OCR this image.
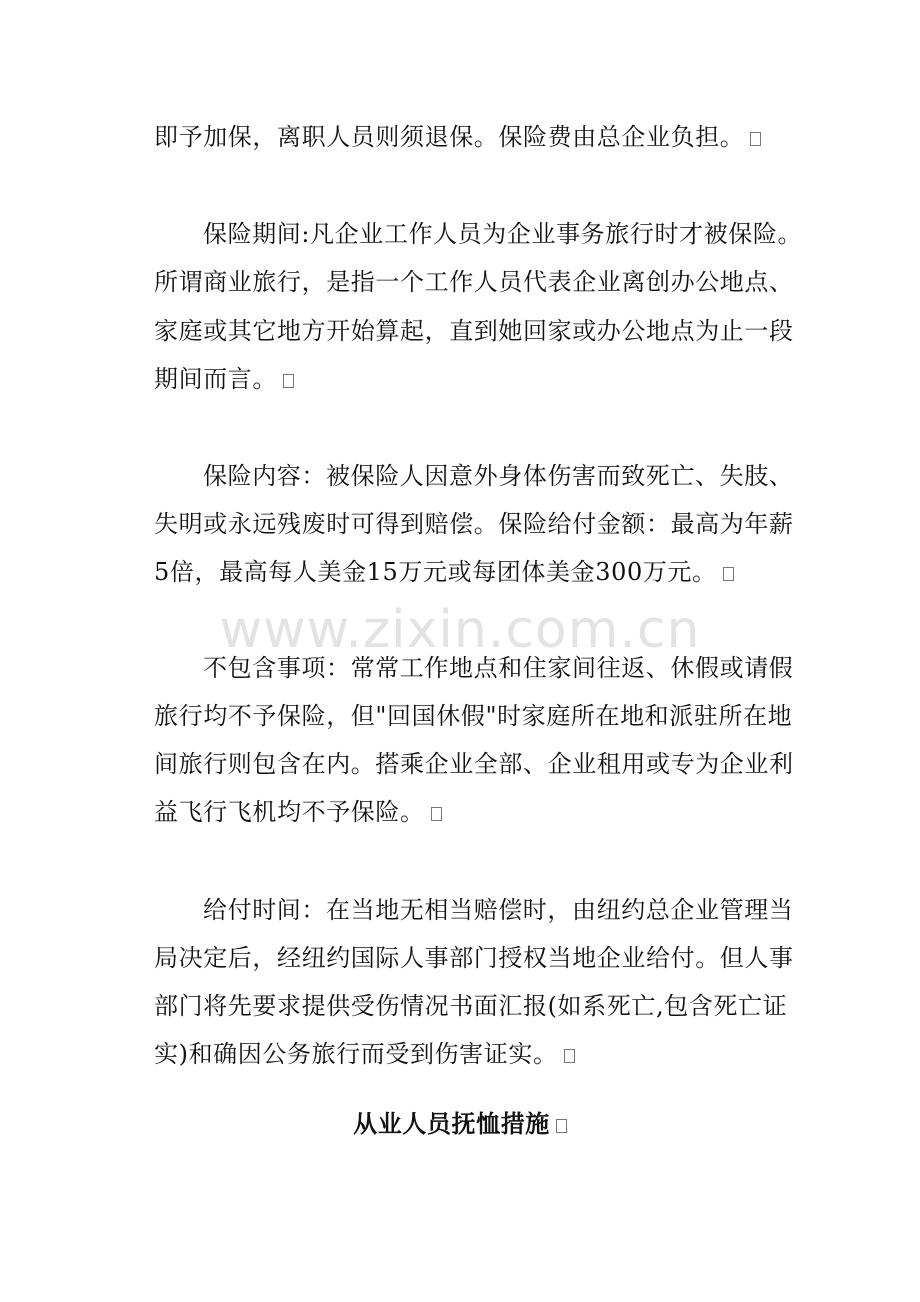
www.zixin.com.cn
即予加保，离职人员则须退保。保险费由总企业负担。
保险期间:凡企业工作人员为企业事务旅行时才被保险。
所谓商业旅行，是指一个工作人员代表企业离创办公地点、
家庭或其它地方开始算起，直到她回家或办公地点为止一段
期间而言。
保险内容：被保险人因意外身体伤害而致死亡、失肢、
失明或永远残废时可得到赔偿。保险给付金额：最高为年薪
5倍，最高每人美金15万元或每团体美金300万元。
不包含事项：常常工作地点和住家间往返、休假或请假
旅行均不予保险，但"回国休假"时家庭所在地和派驻所在地
间旅行则包含在内。搭乘企业全部、企业租用或专为企业利
益飞行飞机均不予保险。
给付时间：在当地无相当赔偿时，由纽约总企业管理当
局决定后，经纽约国际人事部门授权当地企业给付。但人事
部门将先要求提供受伤情况书面汇报(如系死亡,包含死亡证
实)和确因公务旅行而受到伤害证实。
从业人员抚恤措施
